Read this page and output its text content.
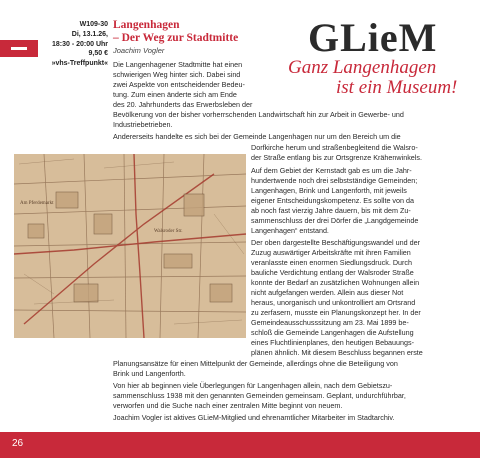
W109-30
Di, 13.1.26,
18:30 - 20:00 Uhr
9,50 €
»vhs-Treffpunkt«
Langenhagen
– Der Weg zur Stadtmitte
Joachim Vogler	GLieM
Ganz Langenhagen
ist ein Museum!
Die Langenhagener Stadtmitte hat einen
schwierigen Weg hinter sich. Dabei sind
zwei Aspekte von entscheidender Bedeu-
tung. Zum einen änderte sich am Ende
des 20. Jahrhunderts das Erwerbsleben der
Bevölkerung von der bisher vorherrschenden Landwirtschaft hin zur Arbeit in Gewerbe- und
Industriebetrieben.
Andererseits handelte es sich bei der Gemeinde Langenhagen nur um den Bereich um die
Am Pferdemarkt
Walsroder Str.
Dorfkirche herum und straßenbegleitend die Walsro-
der Straße entlang bis zur Ortsgrenze Krähenwinkels.
Auf dem Gebiet der Kernstadt gab es um die Jahr-
hundertwende noch drei selbstständige Gemeinden;
Langenhagen, Brink und Langenforth, mit jeweils
eigener Entscheidungskompetenz. Es sollte von da
ab noch fast vierzig Jahre dauern, bis mit dem Zu-
sammenschluss der drei Dörfer die „Langdgemeinde
Langenhagen“ entstand.
Der oben dargestellte Beschäftigungswandel und der
Zuzug auswärtiger Arbeitskräfte mit ihren Familien
veranlasste einen enormen Siedlungsdruck. Durch
bauliche Verdichtung entlang der Walsroder Straße
konnte der Bedarf an zusätzlichen Wohnungen allein
nicht aufgefangen werden. Allein aus dieser Not
heraus, unorganisch und unkontrolliert am Ortsrand
zu zerfasern, musste ein Planungskonzept her. In der
Gemeindeausschusssitzung am 23. Mai 1899 be-
schloß die Gemeinde Langenhagen die Aufstellung
eines Fluchtlinienplanes, den heutigen Bebauungs-
plänen ähnlich. Mit diesem Beschluss begannen erste
Planungsansätze für einen Mittelpunkt der Gemeinde, allerdings ohne die Beteiligung von
Brink und Langenforth.
Von hier ab beginnen viele Überlegungen für Langenhagen allein, nach dem Gebietszu-
sammenschluss 1938 mit den genannten Gemeinden gemeinsam. Geplant, undurchführbar,
verworfen und die Suche nach einer zentralen Mitte beginnt von neuem.
Joachim Vogler ist aktives GLieM-Mitglied und ehrenamtlicher Mitarbeiter im Stadtarchiv.
26
